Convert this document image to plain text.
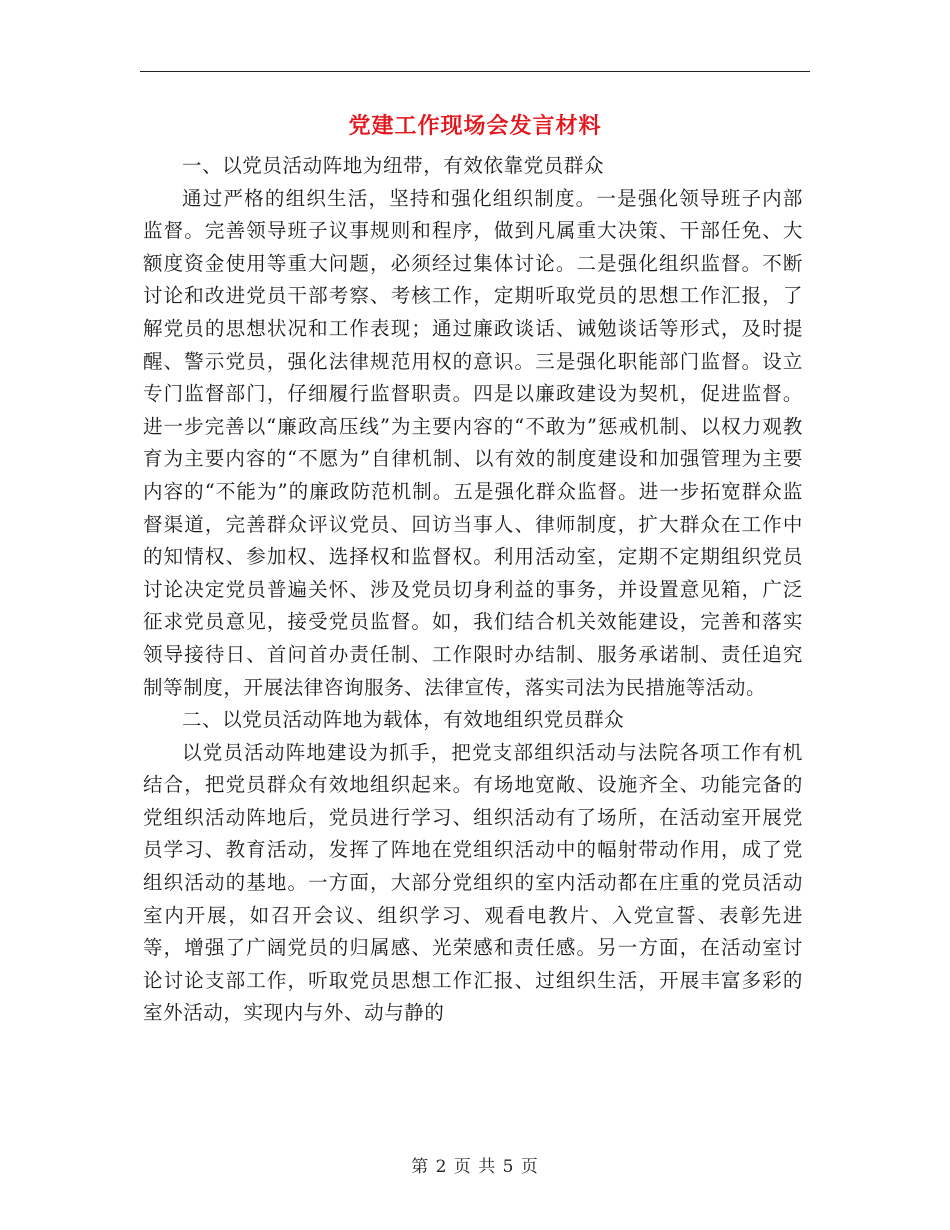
党建工作现场会发言材料

一、以党员活动阵地为纽带，有效依靠党员群众

通过严格的组织生活，坚持和强化组织制度。一是强化领导班子内部监督。完善领导班子议事规则和程序，做到凡属重大决策、干部任免、大额度资金使用等重大问题，必须经过集体讨论。二是强化组织监督。不断讨论和改进党员干部考察、考核工作，定期听取党员的思想工作汇报，了解党员的思想状况和工作表现；通过廉政谈话、诫勉谈话等形式，及时提醒、警示党员，强化法律规范用权的意识。三是强化职能部门监督。设立专门监督部门，仔细履行监督职责。四是以廉政建设为契机，促进监督。进一步完善以“廉政高压线”为主要内容的“不敢为”惩戒机制、以权力观教育为主要内容的“不愿为”自律机制、以有效的制度建设和加强管理为主要内容的“不能为”的廉政防范机制。五是强化群众监督。进一步拓宽群众监督渠道，完善群众评议党员、回访当事人、律师制度，扩大群众在工作中的知情权、参加权、选择权和监督权。利用活动室，定期不定期组织党员讨论决定党员普遍关怀、涉及党员切身利益的事务，并设置意见箱，广泛征求党员意见，接受党员监督。如，我们结合机关效能建设，完善和落实领导接待日、首问首办责任制、工作限时办结制、服务承诺制、责任追究制等制度，开展法律咨询服务、法律宣传，落实司法为民措施等活动。

二、以党员活动阵地为载体，有效地组织党员群众

以党员活动阵地建设为抓手，把党支部组织活动与法院各项工作有机结合，把党员群众有效地组织起来。有场地宽敞、设施齐全、功能完备的党组织活动阵地后，党员进行学习、组织活动有了场所，在活动室开展党员学习、教育活动，发挥了阵地在党组织活动中的幅射带动作用，成了党组织活动的基地。一方面，大部分党组织的室内活动都在庄重的党员活动室内开展，如召开会议、组织学习、观看电教片、入党宣誓、表彰先进等，增强了广阔党员的归属感、光荣感和责任感。另一方面，在活动室讨论讨论支部工作，听取党员思想工作汇报、过组织生活，开展丰富多彩的室外活动，实现内与外、动与静的

第 2 页 共 5 页
